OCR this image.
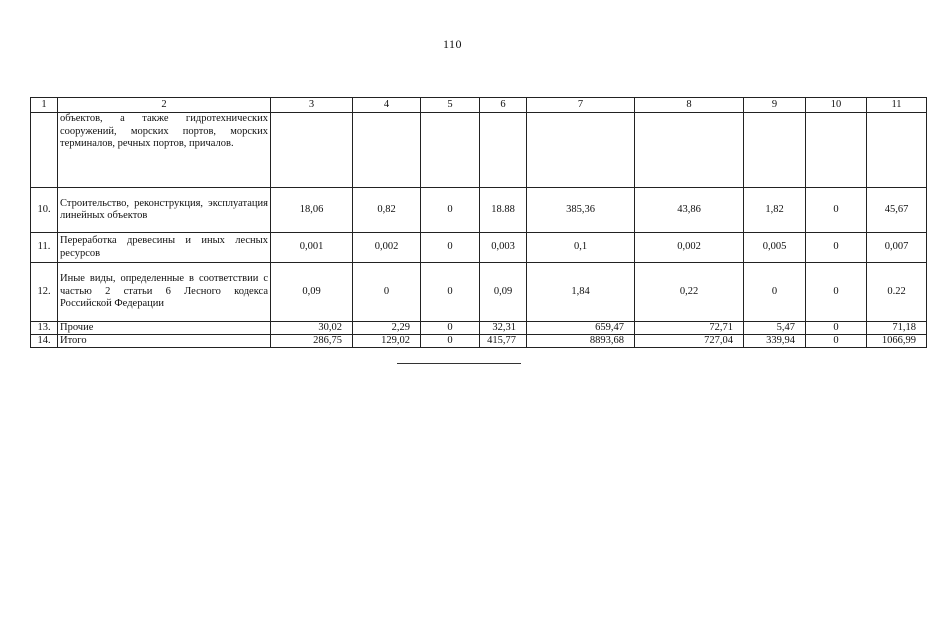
110
1	2	3	4	5	6	7	8	9	10	11
	объектов, а также гидротехнических сооружений, морских портов, морских терминалов, речных портов, причалов.									
10.	Строительство, реконструкция, эксплуатация линейных объектов	18,06	0,82	0	18.88	385,36	43,86	1,82	0	45,67
11.	Переработка древесины и иных лесных ресурсов	0,001	0,002	0	0,003	0,1	0,002	0,005	0	0,007
12.	Иные виды, определенные в соответствии с частью 2 статьи 6 Лесного кодекса Российской Федерации	0,09	0	0	0,09	1,84	0,22	0	0	0.22
13.	Прочие	30,02	2,29	0	32,31	659,47	72,71	5,47	0	71,18
14.	Итого	286,75	129,02	0	415,77	8893,68	727,04	339,94	0	1066,99
